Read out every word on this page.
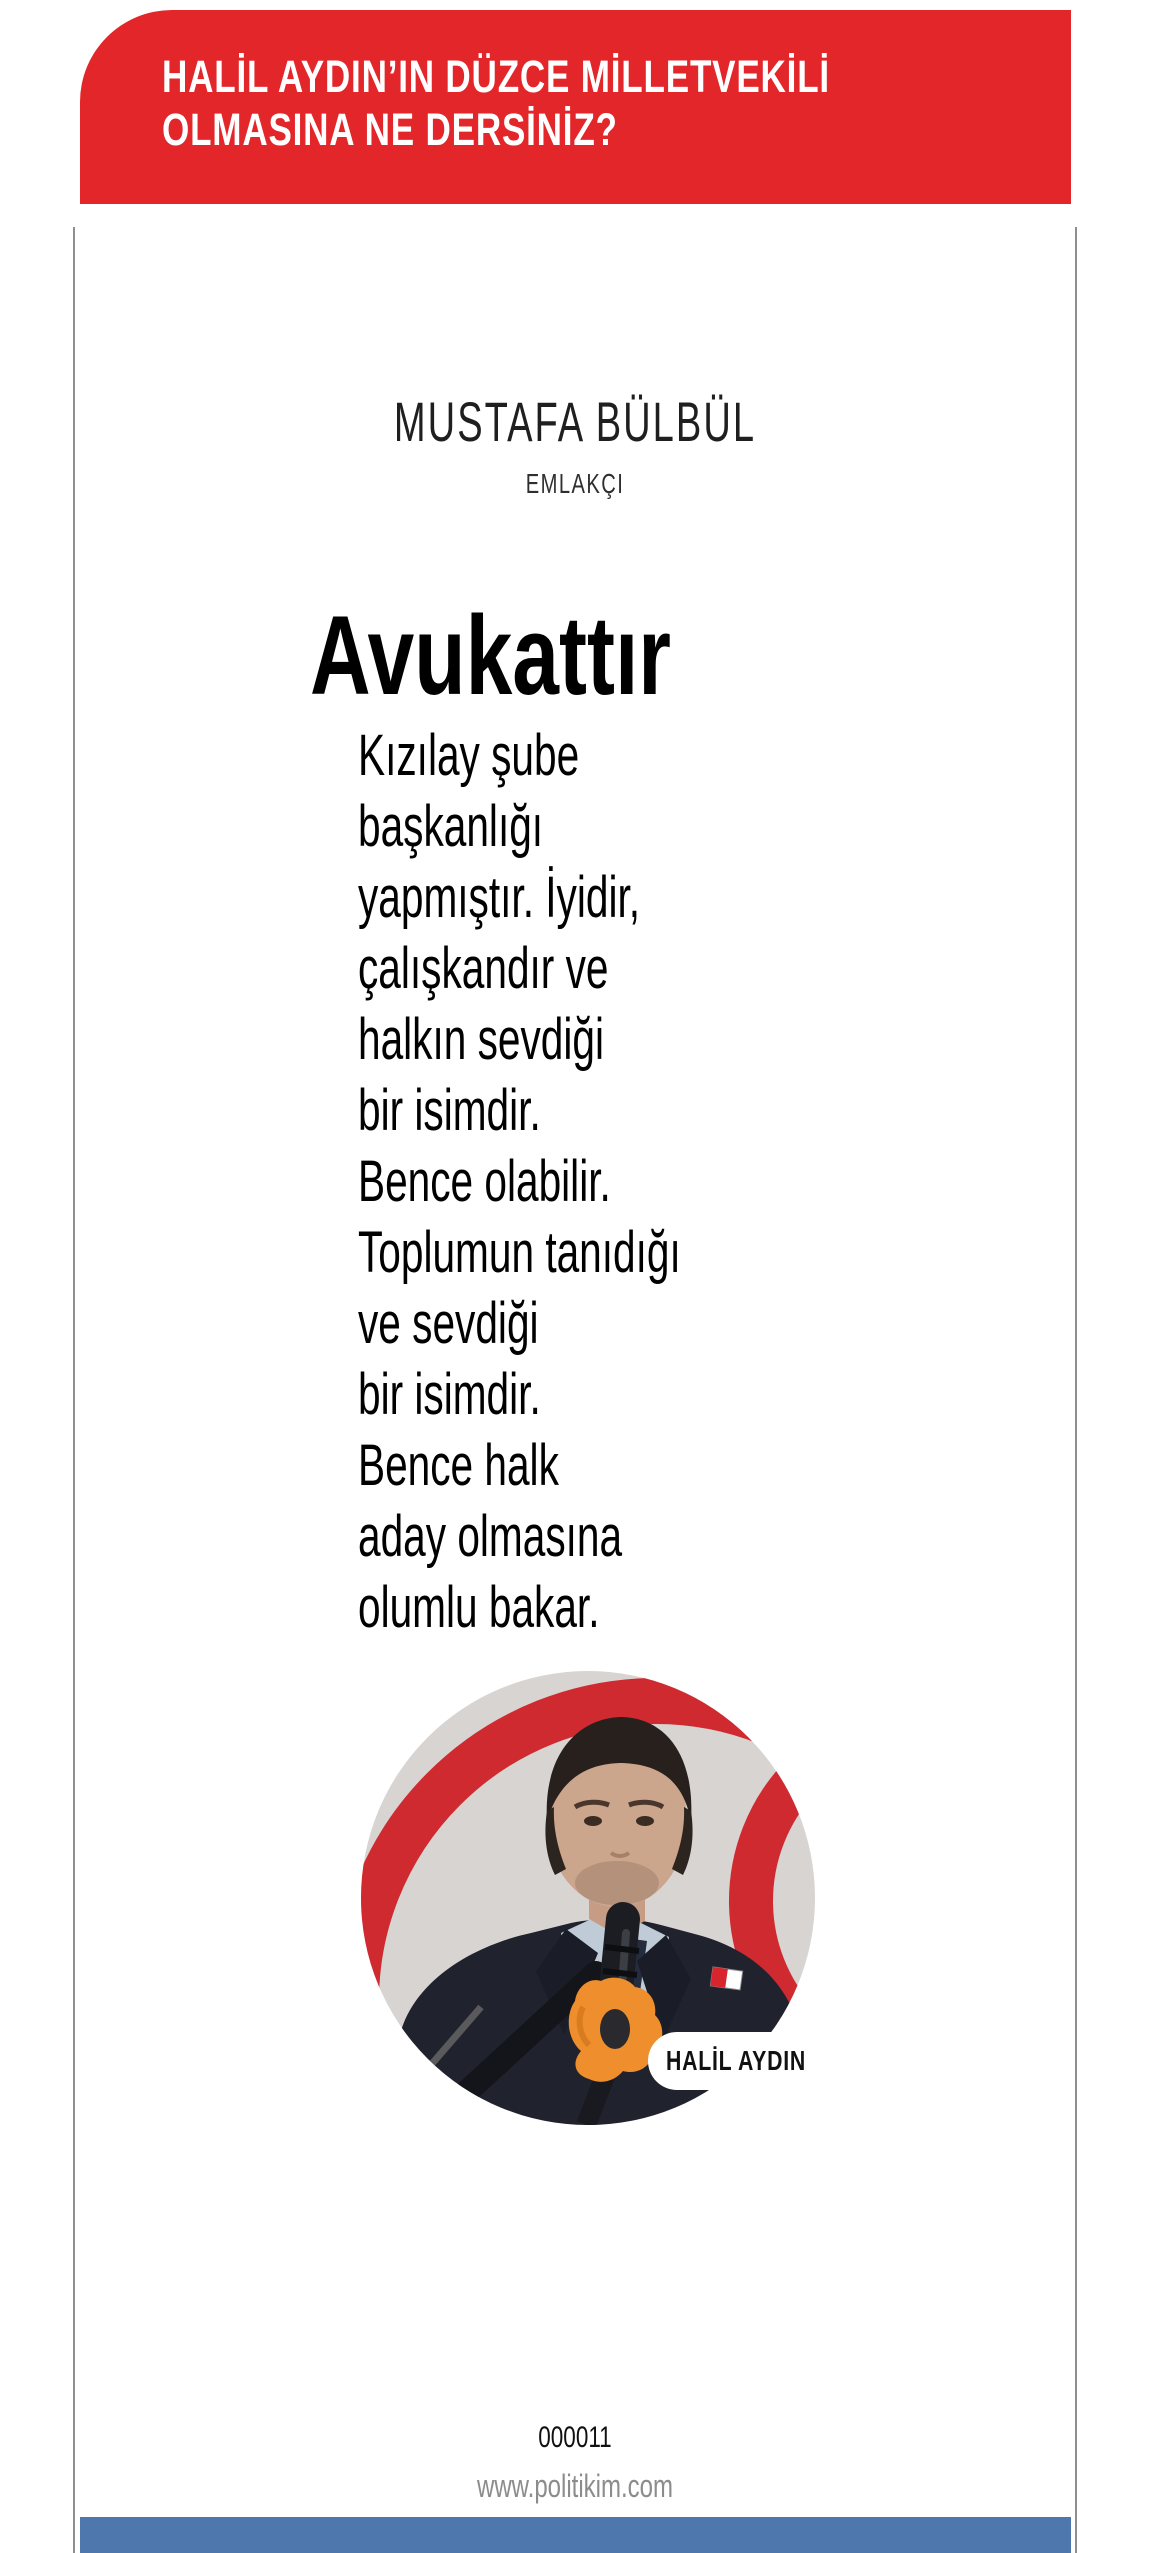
HALİL AYDIN’IN DÜZCE MİLLETVEKİLİ
OLMASINA NE DERSİNİZ?
MUSTAFA BÜLBÜL
EMLAKÇI
Avukattır
Kızılay şube
başkanlığı
yapmıştır. İyidir,
çalışkandır ve
halkın sevdiği
bir isimdir.
Bence olabilir.
Toplumun tanıdığı
ve sevdiği
bir isimdir.
Bence halk
aday olmasına
olumlu bakar.
HALİL AYDIN
000011
www.politikim.com
